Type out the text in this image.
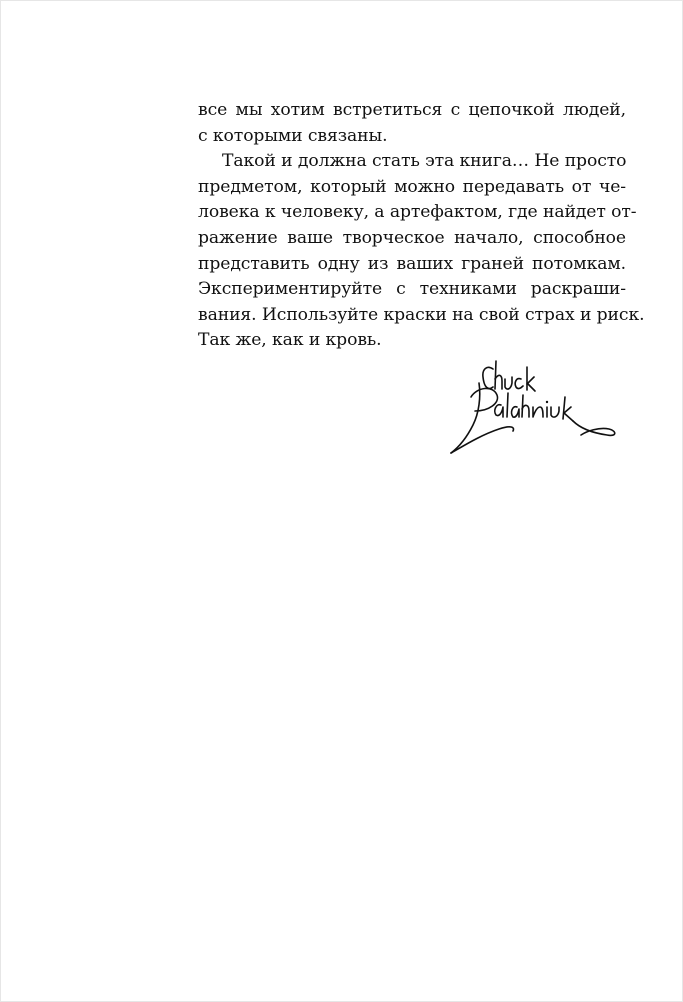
все мы хотим встретиться с цепочкой людей,
с которыми связаны.
Такой и должна стать эта книга… Не просто
предметом, который можно передавать от че-
ловека к человеку, а артефактом, где найдет от-
ражение ваше творческое начало, способное
представить одну из ваших граней потомкам.
Экспериментируйте с техниками раскраши-
вания. Используйте краски на свой страх и риск.
Так же, как и кровь.
